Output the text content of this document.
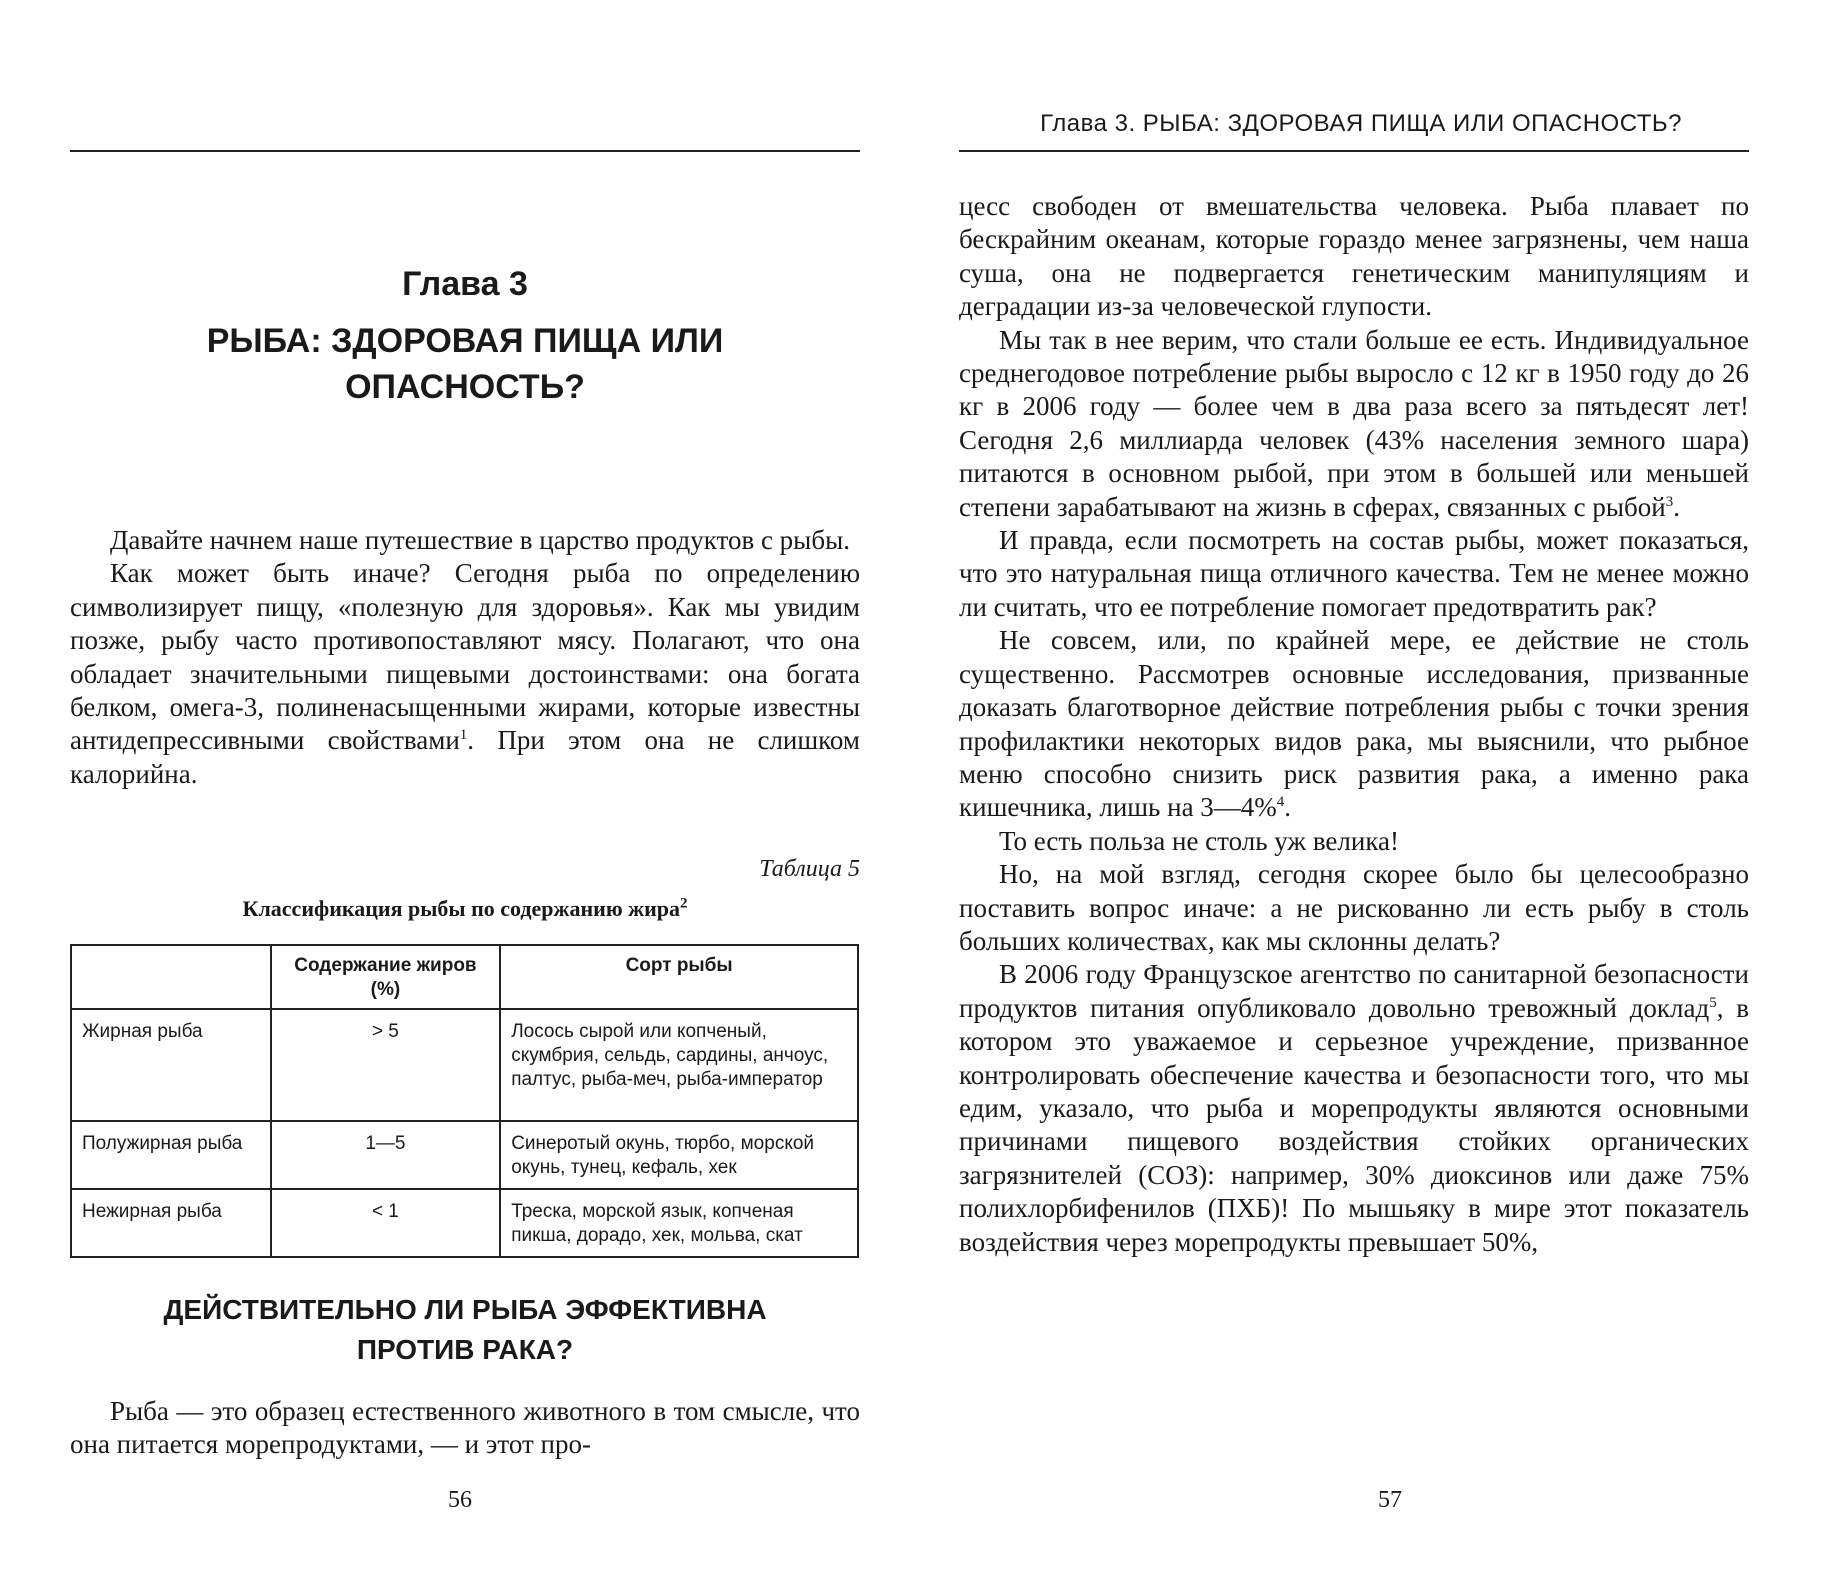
Глава 3
РЫБА: ЗДОРОВАЯ ПИЩА ИЛИ
ОПАСНОСТЬ?

Давайте начнем наше путешествие в царство продуктов с рыбы.

Как может быть иначе? Сегодня рыба по определению символизирует пищу, «полезную для здоровья». Как мы увидим позже, рыбу часто противопоставляют мясу. Полагают, что она обладает значительными пищевыми достоинствами: она богата белком, омега-3, полиненасыщенными жирами, которые известны антидепрессивными свойствами$^1$. При этом она не слишком калорийна.

Таблица 5
Классификация рыбы по содержанию жира$^2$
	Содержание жиров (%)	Сорт рыбы
Жирная рыба	> 5	Лосось сырой или копченый, скумбрия, сельдь, сардины, анчоус, палтус, рыба-меч, рыба-император
Полужирная рыба	1—5	Синеротый окунь, тюрбо, морской окунь, тунец, кефаль, хек
Нежирная рыба	< 1	Треска, морской язык, копченая пикша, дорадо, хек, мольва, скат
ДЕЙСТВИТЕЛЬНО ЛИ РЫБА ЭФФЕКТИВНА
ПРОТИВ РАКА?

Рыба — это образец естественного животного в том смысле, что она питается морепродуктами, — и этот про-

56
Глава 3. РЫБА: ЗДОРОВАЯ ПИЩА ИЛИ ОПАСНОСТЬ?

цесс свободен от вмешательства человека. Рыба плавает по бескрайним океанам, которые гораздо менее загрязнены, чем наша суша, она не подвергается генетическим манипуляциям и деградации из-за человеческой глупости.

Мы так в нее верим, что стали больше ее есть. Индивидуальное среднегодовое потребление рыбы выросло с 12 кг в 1950 году до 26 кг в 2006 году — более чем в два раза всего за пятьдесят лет! Сегодня 2,6 миллиарда человек (43% населения земного шара) питаются в основном рыбой, при этом в большей или меньшей степени зарабатывают на жизнь в сферах, связанных с рыбой$^3$.

И правда, если посмотреть на состав рыбы, может показаться, что это натуральная пища отличного качества. Тем не менее можно ли считать, что ее потребление помогает предотвратить рак?

Не совсем, или, по крайней мере, ее действие не столь существенно. Рассмотрев основные исследования, призванные доказать благотворное действие потребления рыбы с точки зрения профилактики некоторых видов рака, мы выяснили, что рыбное меню способно снизить риск развития рака, а именно рака кишечника, лишь на 3—4%$^4$.

То есть польза не столь уж велика!

Но, на мой взгляд, сегодня скорее было бы целесообразно поставить вопрос иначе: а не рискованно ли есть рыбу в столь больших количествах, как мы склонны делать?

В 2006 году Французское агентство по санитарной безопасности продуктов питания опубликовало довольно тревожный доклад$^5$, в котором это уважаемое и серьезное учреждение, призванное контролировать обеспечение качества и безопасности того, что мы едим, указало, что рыба и морепродукты являются основными причинами пищевого воздействия стойких органических загрязнителей (СОЗ): например, 30% диоксинов или даже 75% полихлорбифенилов (ПХБ)! По мышьяку в мире этот показатель воздействия через морепродукты превышает 50%,

57
